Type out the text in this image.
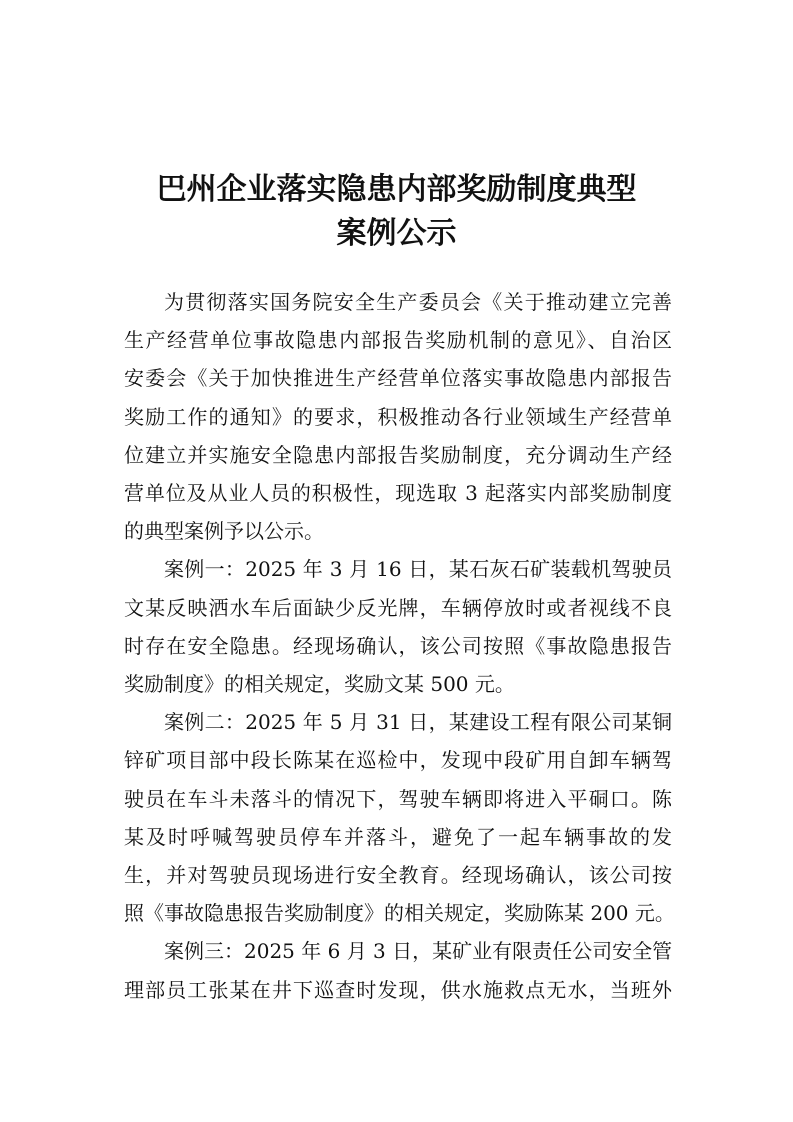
巴州企业落实隐患内部奖励制度典型
案例公示

为贯彻落实国务院安全生产委员会《关于推动建立完善
生产经营单位事故隐患内部报告奖励机制的意见》、自治区
安委会《关于加快推进生产经营单位落实事故隐患内部报告
奖励工作的通知》的要求，积极推动各行业领域生产经营单
位建立并实施安全隐患内部报告奖励制度，充分调动生产经
营单位及从业人员的积极性，现选取 3 起落实内部奖励制度
的典型案例予以公示。

案例一：2025 年 3 月 16 日，某石灰石矿装载机驾驶员
文某反映洒水车后面缺少反光牌，车辆停放时或者视线不良
时存在安全隐患。经现场确认，该公司按照《事故隐患报告
奖励制度》的相关规定，奖励文某 500 元。

案例二：2025 年 5 月 31 日，某建设工程有限公司某铜
锌矿项目部中段长陈某在巡检中，发现中段矿用自卸车辆驾
驶员在车斗未落斗的情况下，驾驶车辆即将进入平硐口。陈
某及时呼喊驾驶员停车并落斗，避免了一起车辆事故的发
生，并对驾驶员现场进行安全教育。经现场确认，该公司按
照《事故隐患报告奖励制度》的相关规定，奖励陈某 200 元。

案例三：2025 年 6 月 3 日，某矿业有限责任公司安全管
理部员工张某在井下巡查时发现，供水施救点无水，当班外
